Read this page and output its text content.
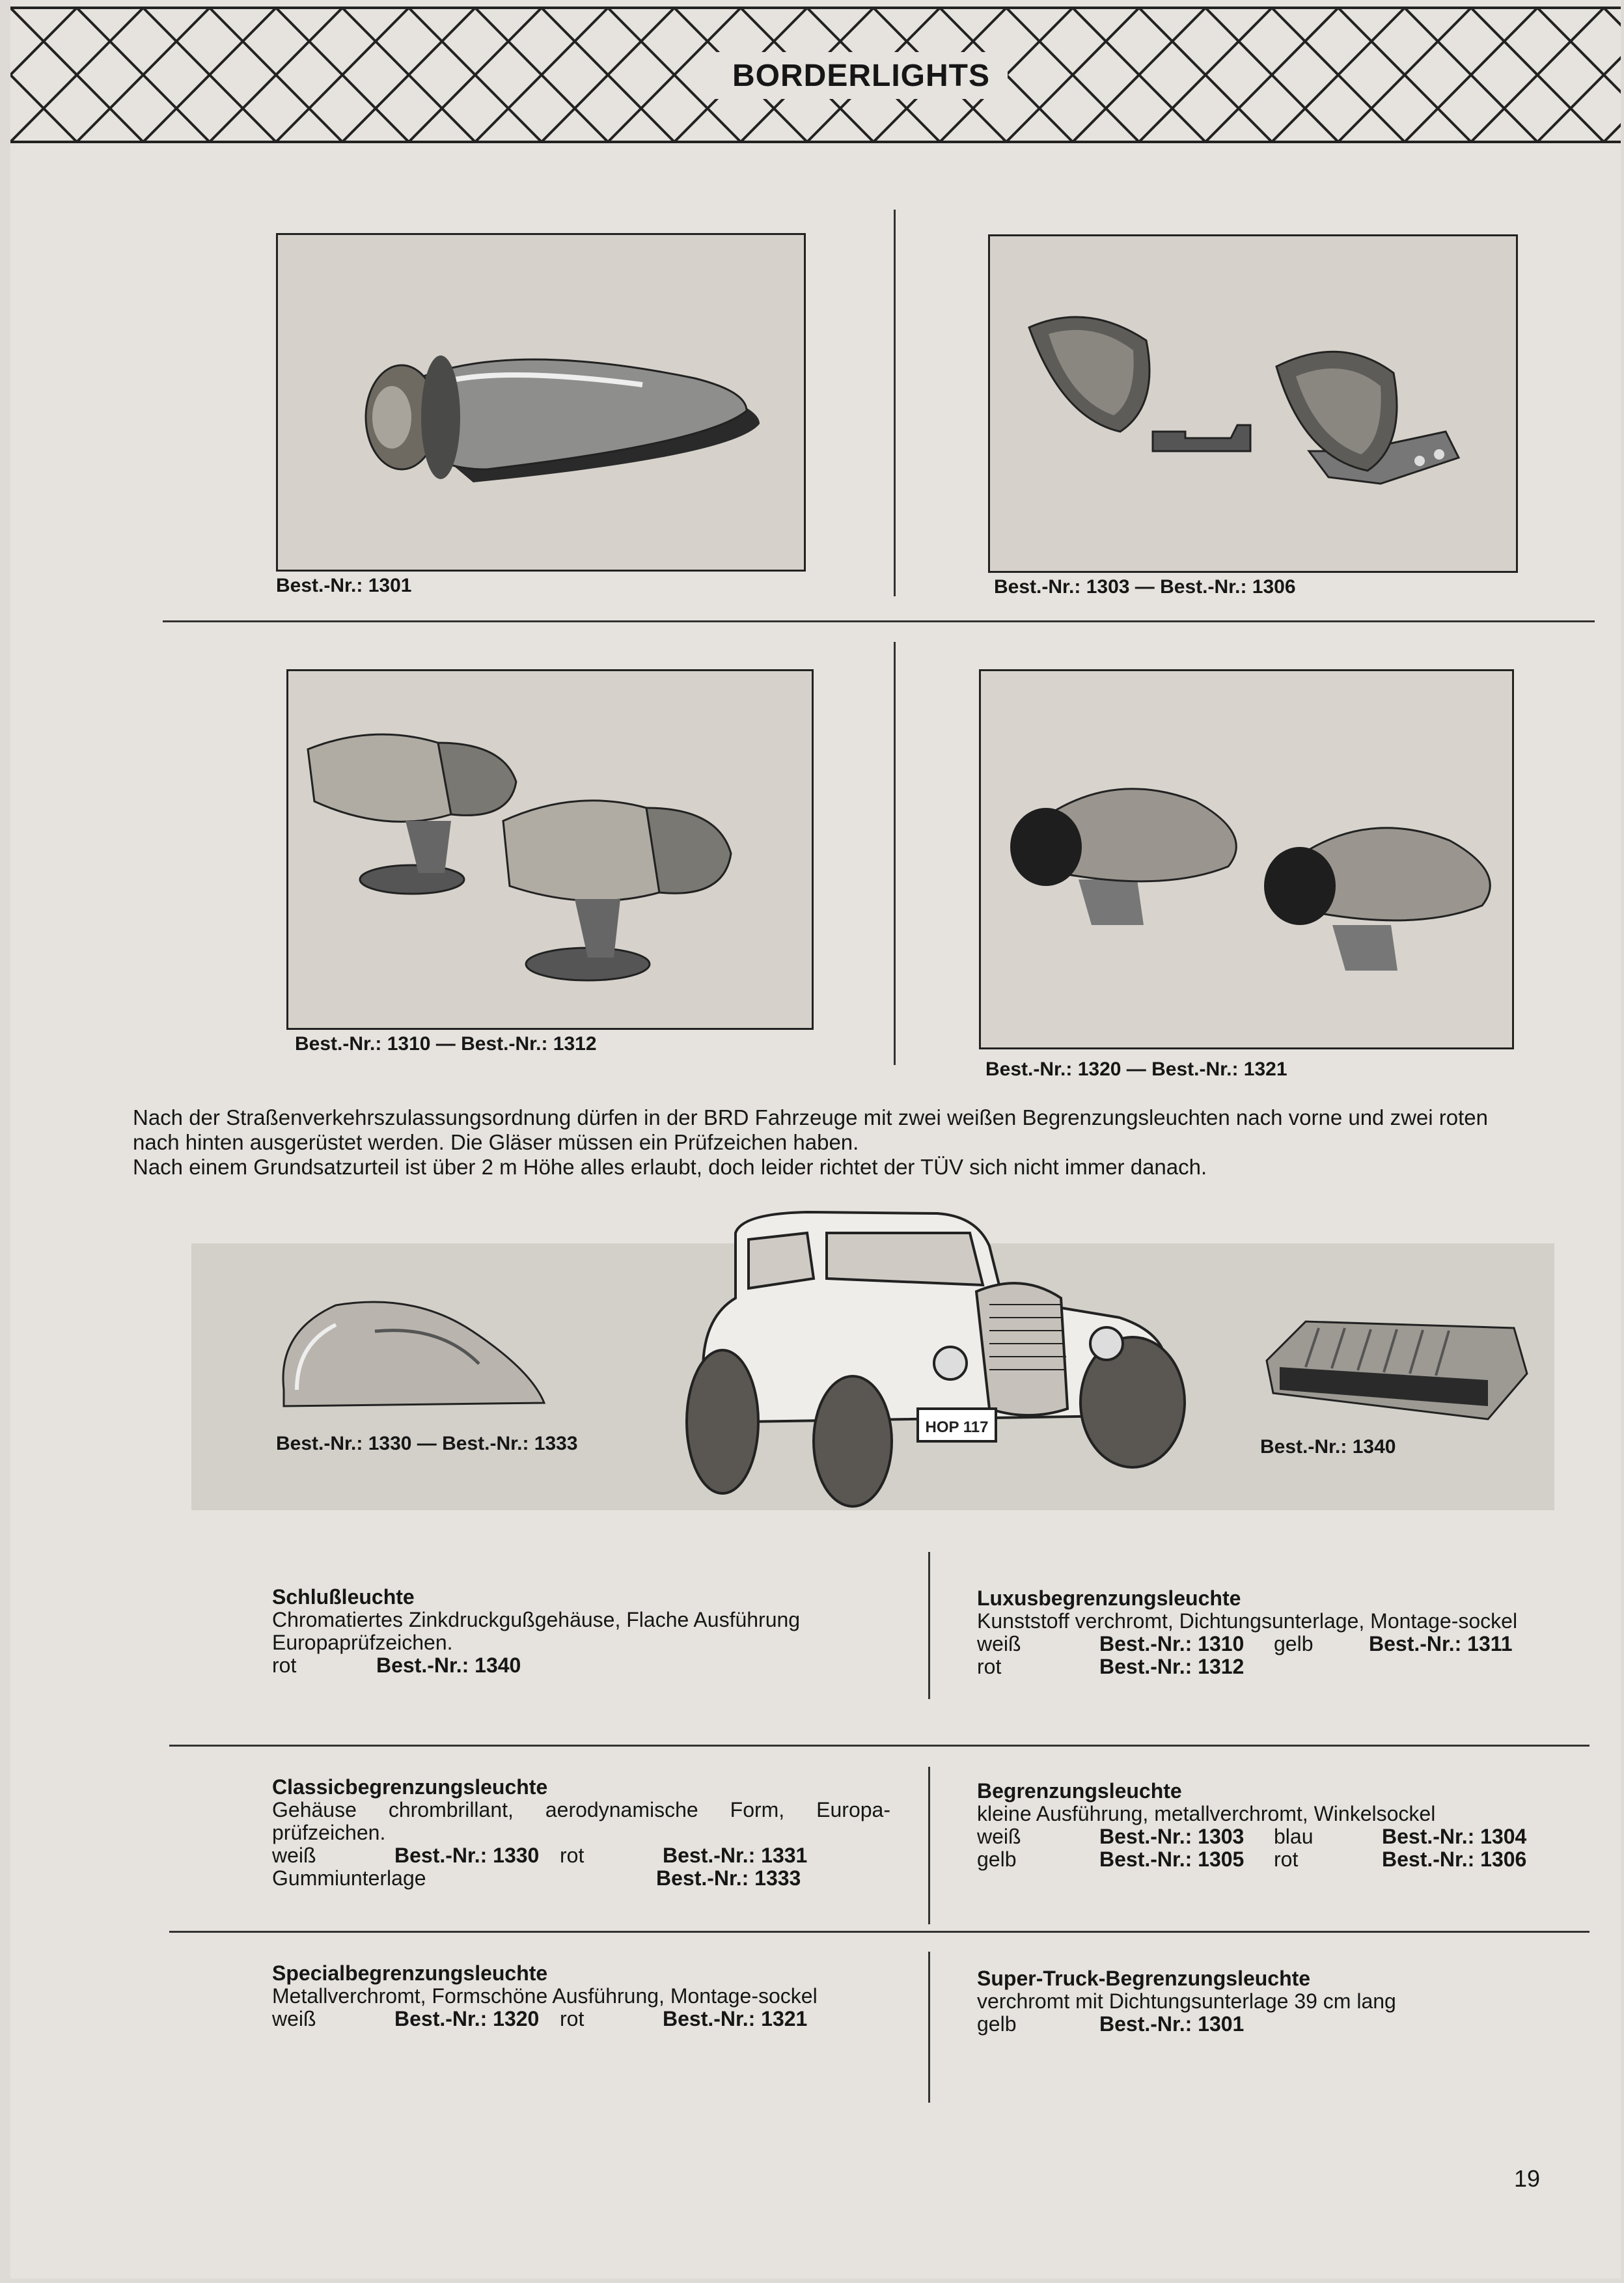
BORDERLIGHTS
Best.-Nr.: 1301	Best.-Nr.: 1303 — Best.-Nr.: 1306
Best.-Nr.: 1310 — Best.-Nr.: 1312
Best.-Nr.: 1320 — Best.-Nr.: 1321
Nach der Straßenverkehrszulassungsordnung dürfen in der BRD Fahrzeuge mit zwei weißen Begrenzungsleuchten nach vorne und zwei roten
nach hinten ausgerüstet werden. Die Gläser müssen ein Prüfzeichen haben.
Nach einem Grundsatzurteil ist über 2 m Höhe alles erlaubt, doch leider richtet der TÜV sich nicht immer danach.
Best.-Nr.: 1330 — Best.-Nr.: 1333
HOP 117
Best.-Nr.: 1340
Schlußleuchte
Chromatiertes Zinkdruckgußgehäuse, Flache Ausführung Europaprüfzeichen.
rot	Best.-Nr.: 1340
Luxusbegrenzungsleuchte
Kunststoff verchromt, Dichtungsunterlage, Montage-sockel
weiß	Best.-Nr.: 1310 gelb	Best.-Nr.: 1311
rot	Best.-Nr.: 1312
Classicbegrenzungsleuchte
Gehäuse chrombrillant, aerodynamische Form, Europa-prüfzeichen.
weiß	Best.-Nr.: 1330 rot	Best.-Nr.: 1331
Gummiunterlage	Best.-Nr.: 1333
Begrenzungsleuchte
kleine Ausführung, metallverchromt, Winkelsockel
weiß	Best.-Nr.: 1303 blau	Best.-Nr.: 1304
gelb	Best.-Nr.: 1305 rot	Best.-Nr.: 1306
Specialbegrenzungsleuchte
Metallverchromt, Formschöne Ausführung, Montage-sockel
weiß	Best.-Nr.: 1320 rot	Best.-Nr.: 1321
Super-Truck-Begrenzungsleuchte
verchromt mit Dichtungsunterlage 39 cm lang
gelb	Best.-Nr.: 1301
19
